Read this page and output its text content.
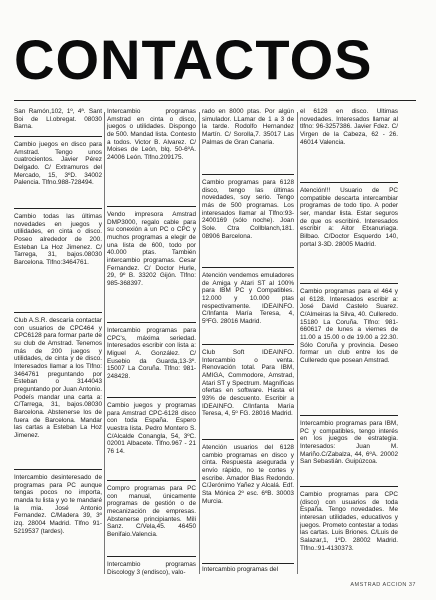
CONTACTOS
San Ramón,102, 1º, 4ª. Sant Boi de Ll.obregat. 08030 Barna.
Cambio juegos en disco para Amstrad. Tengo unos cuatrocientos. Javier Pérez Delgado. C/ Extramuros del Mercado, 15, 3ºD. 34002 Palencia. Tlfno.988-728494.
Cambio todas las últimas novedades en juegos y utilidades, en cinta o disco. Poseo alrededor de 200. Esteban La Hoz Jimenez. C/ Tarrega, 31, bajos.08030 Barcelona. Tlfno:3464761.
Club A.S.R. descaría contactar con usuarios de CPC464 y CPC6128 para formar parte de su club de Amstrad. Tenemos más de 200 juegos y utilidades, de cinta y de disco. Interesados llamar a los Tlfno: 3464761 preguntando por Esteban o 3144043 preguntando por Juan Antonio. Podeís mandar una carta a: C/Tarrega, 31, bajos.08030 Barcelona. Abstenerse los de fuera de Barcelona. Mandar las cartas a Esteban La Hoz Jimenez.
Intercambio desinteresado de programas para PC aunque tengas pocos no importa, manda tu lista y yo te mandaré la mia. José Antonio Fernandez. C/Madera 39, 3º izq. 28004 Madrid. Tlfno 91-5219537 (tardes).
Intercambio programas Amstrad en cinta o disco, juegos o utilidades. Dispongo de 500. Mandad lista. Contesto a todos. Victor B. Alvarez. C/ Moises de León, blq. 50-6ºA. 24006 León. Tlfno.209175.
Vendo impresora Amstrad DMP3000, regalo cable para su conexión a un PC o CPC y muchos programas a elegir de una lista de 600, todo por 40.000 ptas. También intercambio programas. Cesar Fernandez. C/ Doctor Hurle, 29, 9º B. 33202 Gijón. Tlfno: 985-368397.
Intercambio programas para CPC's, máxima seriedad. Interesados escribir con lista a: Miguel A. González. C/ Eusebio da Guarda,13-3º. 15007 La Coruña. Tlfno: 981-248428.
Cambio juegos y programas para Amstrad CPC-6128 disco con toda España. Espero vuestra lista. Pedro Montero S. C/Alcalde Conangla, 54, 3ºC. 02001 Albacete. Tlfno.967 - 21 76 14.
Compro programas para PC con manual, únicamente programas de gestión o de mecanización de empresas. Abstenerse principiantes. Mili Sanz. C/Vela,45. 46450 Benifaio.Valencia.
Intercambio programas Discology 3 (endisco), valo-
rado en 8000 ptas. Por algún simulador. LLamar de 1 a 3 de la tarde. Rodolfo Hernandez Martín. C/ Sorolla,7. 35017 Las Palmas de Gran Canaria.
Cambio programas para 6128 disco, tengo las últimas novedades, soy serio. Tengo más de 500 programas. Los interesados llamar al Tlfno:93-2400169 (sólo noche). Joan Sole. Ctra Collblanch,181. 08906 Barcelona.
Atención vendemos emuladores de Amiga y Atari ST al 100% para IBM PC y Compatibles. 12.000 y 10.000 ptas respectivamente. IDEAINFO. C/Infanta María Teresa, 4, 5ºFG. 28016 Madrid.
Club Soft IDEAINFO. Intercambio o venta. Renovación total. Para IBM, AMIGA, Commodore, Amstrad, Atari ST y Spectrum. Magníficas ofertas en software. Hasta el 93% de descuento. Escribir a IDEAINFO. C/Infanta María Teresa, 4, 5º FG. 28016 Madrid.
Atención usuarios del 6128 cambio programas en disco y cinta. Respuesta asegurada y envío rápido, no te cortes y escribe. Amador Blas Redondo. C/Jerónimo Yañez y Alcalá. Edf. Sta Mónica 2º esc. 6ºB. 30003 Murcia.
Intercambio programas del
el 6128 en disco. Últimas novedades. Interesados llamar al tlfno: 96-3257386. Javier Fdez. C/ Virgen de la Cabeza, 62 - 26. 46014 Valencia.
Atención!!! Usuario de PC compatible descarta intercambiar programas de todo tipo. A poder ser, mandar lista. Estar seguros de que os escribiré. Interesados escribir a: Aitor Etxanuriaga. Bilbao. C/Doctor Esquerdo 140, portal 3-3D. 28005 Madrid.
Cambio programas para el 464 y el 6128. Interesados escribir a: José David Castelo Suarez. C/Almeiras la Silva, 40. Culleredo. 15180 La Coruña. Tlfno: 981-660617 de lunes a viernes de 11.00 a 15.00 o de 19.00 a 22.30. Sólo Coruña y provincia. Deseo formar un club entre los de Culleredo que posean Amstrad.
Intercambio programas para IBM, PC y compatibles, tengo interés en los juegos de estrategia. Interesados: Juan M. Mariño.C/Zabalza, 44, 6ºA. 20002 San Sebastián. Guipúzcoa.
Cambio programas para CPC (disco) con usuarios de toda España. Tengo novedades. Me interesan utilidades, educativos y juegos. Prometo contestar a todas las cartas. Luis Briones. C/Luis de Salazar,1, 1ºD. 28002 Madrid. Tlfno.:91-4130373.
AMSTRAD ACCION 37
